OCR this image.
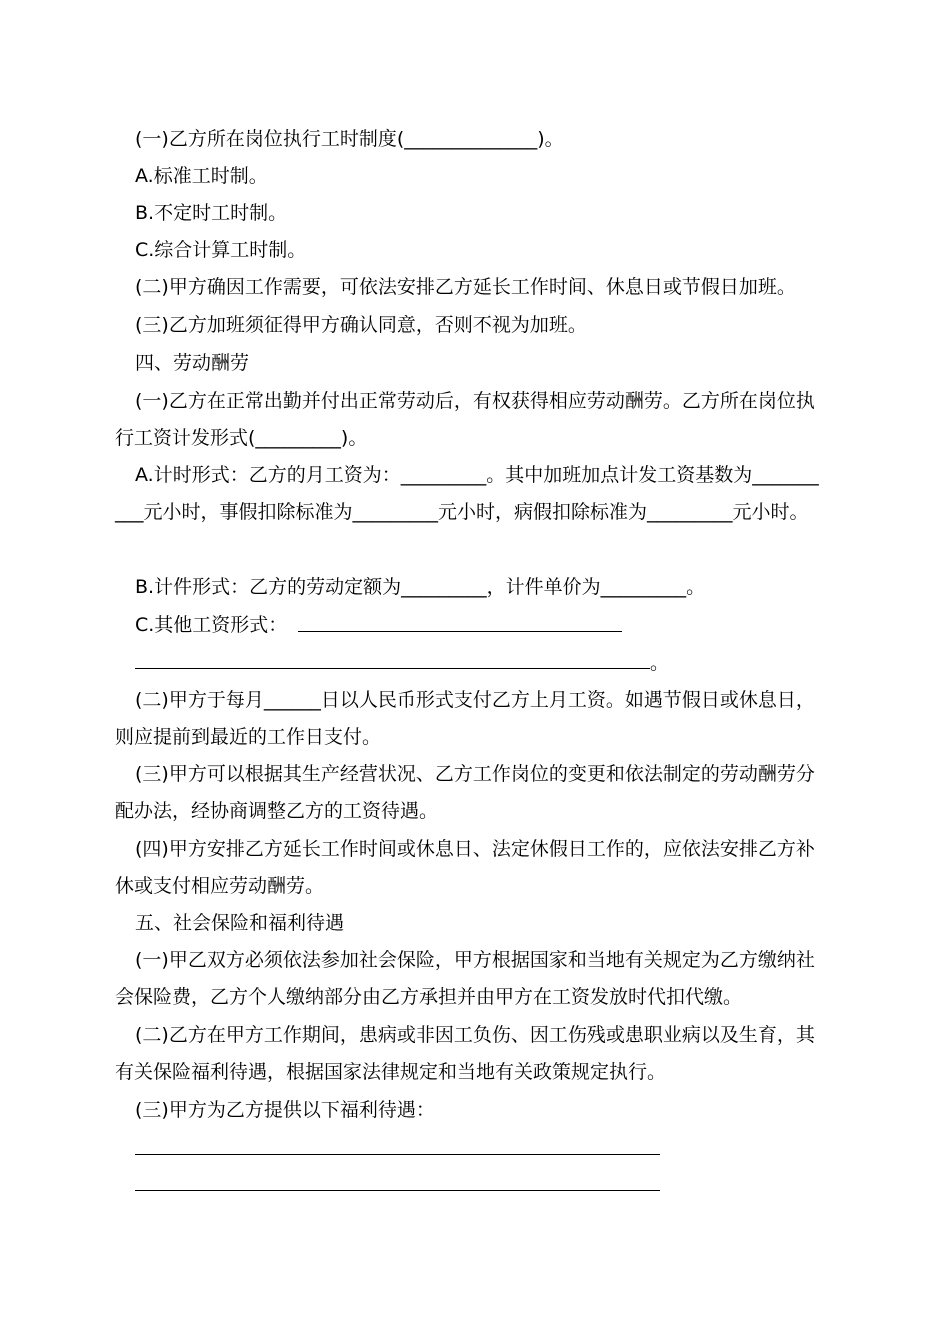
(一)乙方所在岗位执行工时制度(______________)。
A.标准工时制。
B.不定时工时制。
C.综合计算工时制。
(二)甲方确因工作需要，可依法安排乙方延长工作时间、休息日或节假日加班。
(三)乙方加班须征得甲方确认同意，否则不视为加班。
四、劳动酬劳
(一)乙方在正常出勤并付出正常劳动后，有权获得相应劳动酬劳。乙方所在岗位执
行工资计发形式(_________)。
A.计时形式：乙方的月工资为：_________。其中加班加点计发工资基数为_______
___元小时，事假扣除标准为_________元小时，病假扣除标准为_________元小时。
B.计件形式：乙方的劳动定额为_________，计件单价为_________。
C.其他工资形式：
。
(二)甲方于每月______日以人民币形式支付乙方上月工资。如遇节假日或休息日，
则应提前到最近的工作日支付。
(三)甲方可以根据其生产经营状况、乙方工作岗位的变更和依法制定的劳动酬劳分
配办法，经协商调整乙方的工资待遇。
(四)甲方安排乙方延长工作时间或休息日、法定休假日工作的，应依法安排乙方补
休或支付相应劳动酬劳。
五、社会保险和福利待遇
(一)甲乙双方必须依法参加社会保险，甲方根据国家和当地有关规定为乙方缴纳社
会保险费，乙方个人缴纳部分由乙方承担并由甲方在工资发放时代扣代缴。
(二)乙方在甲方工作期间，患病或非因工负伤、因工伤残或患职业病以及生育，其
有关保险福利待遇，根据国家法律规定和当地有关政策规定执行。
(三)甲方为乙方提供以下福利待遇：
